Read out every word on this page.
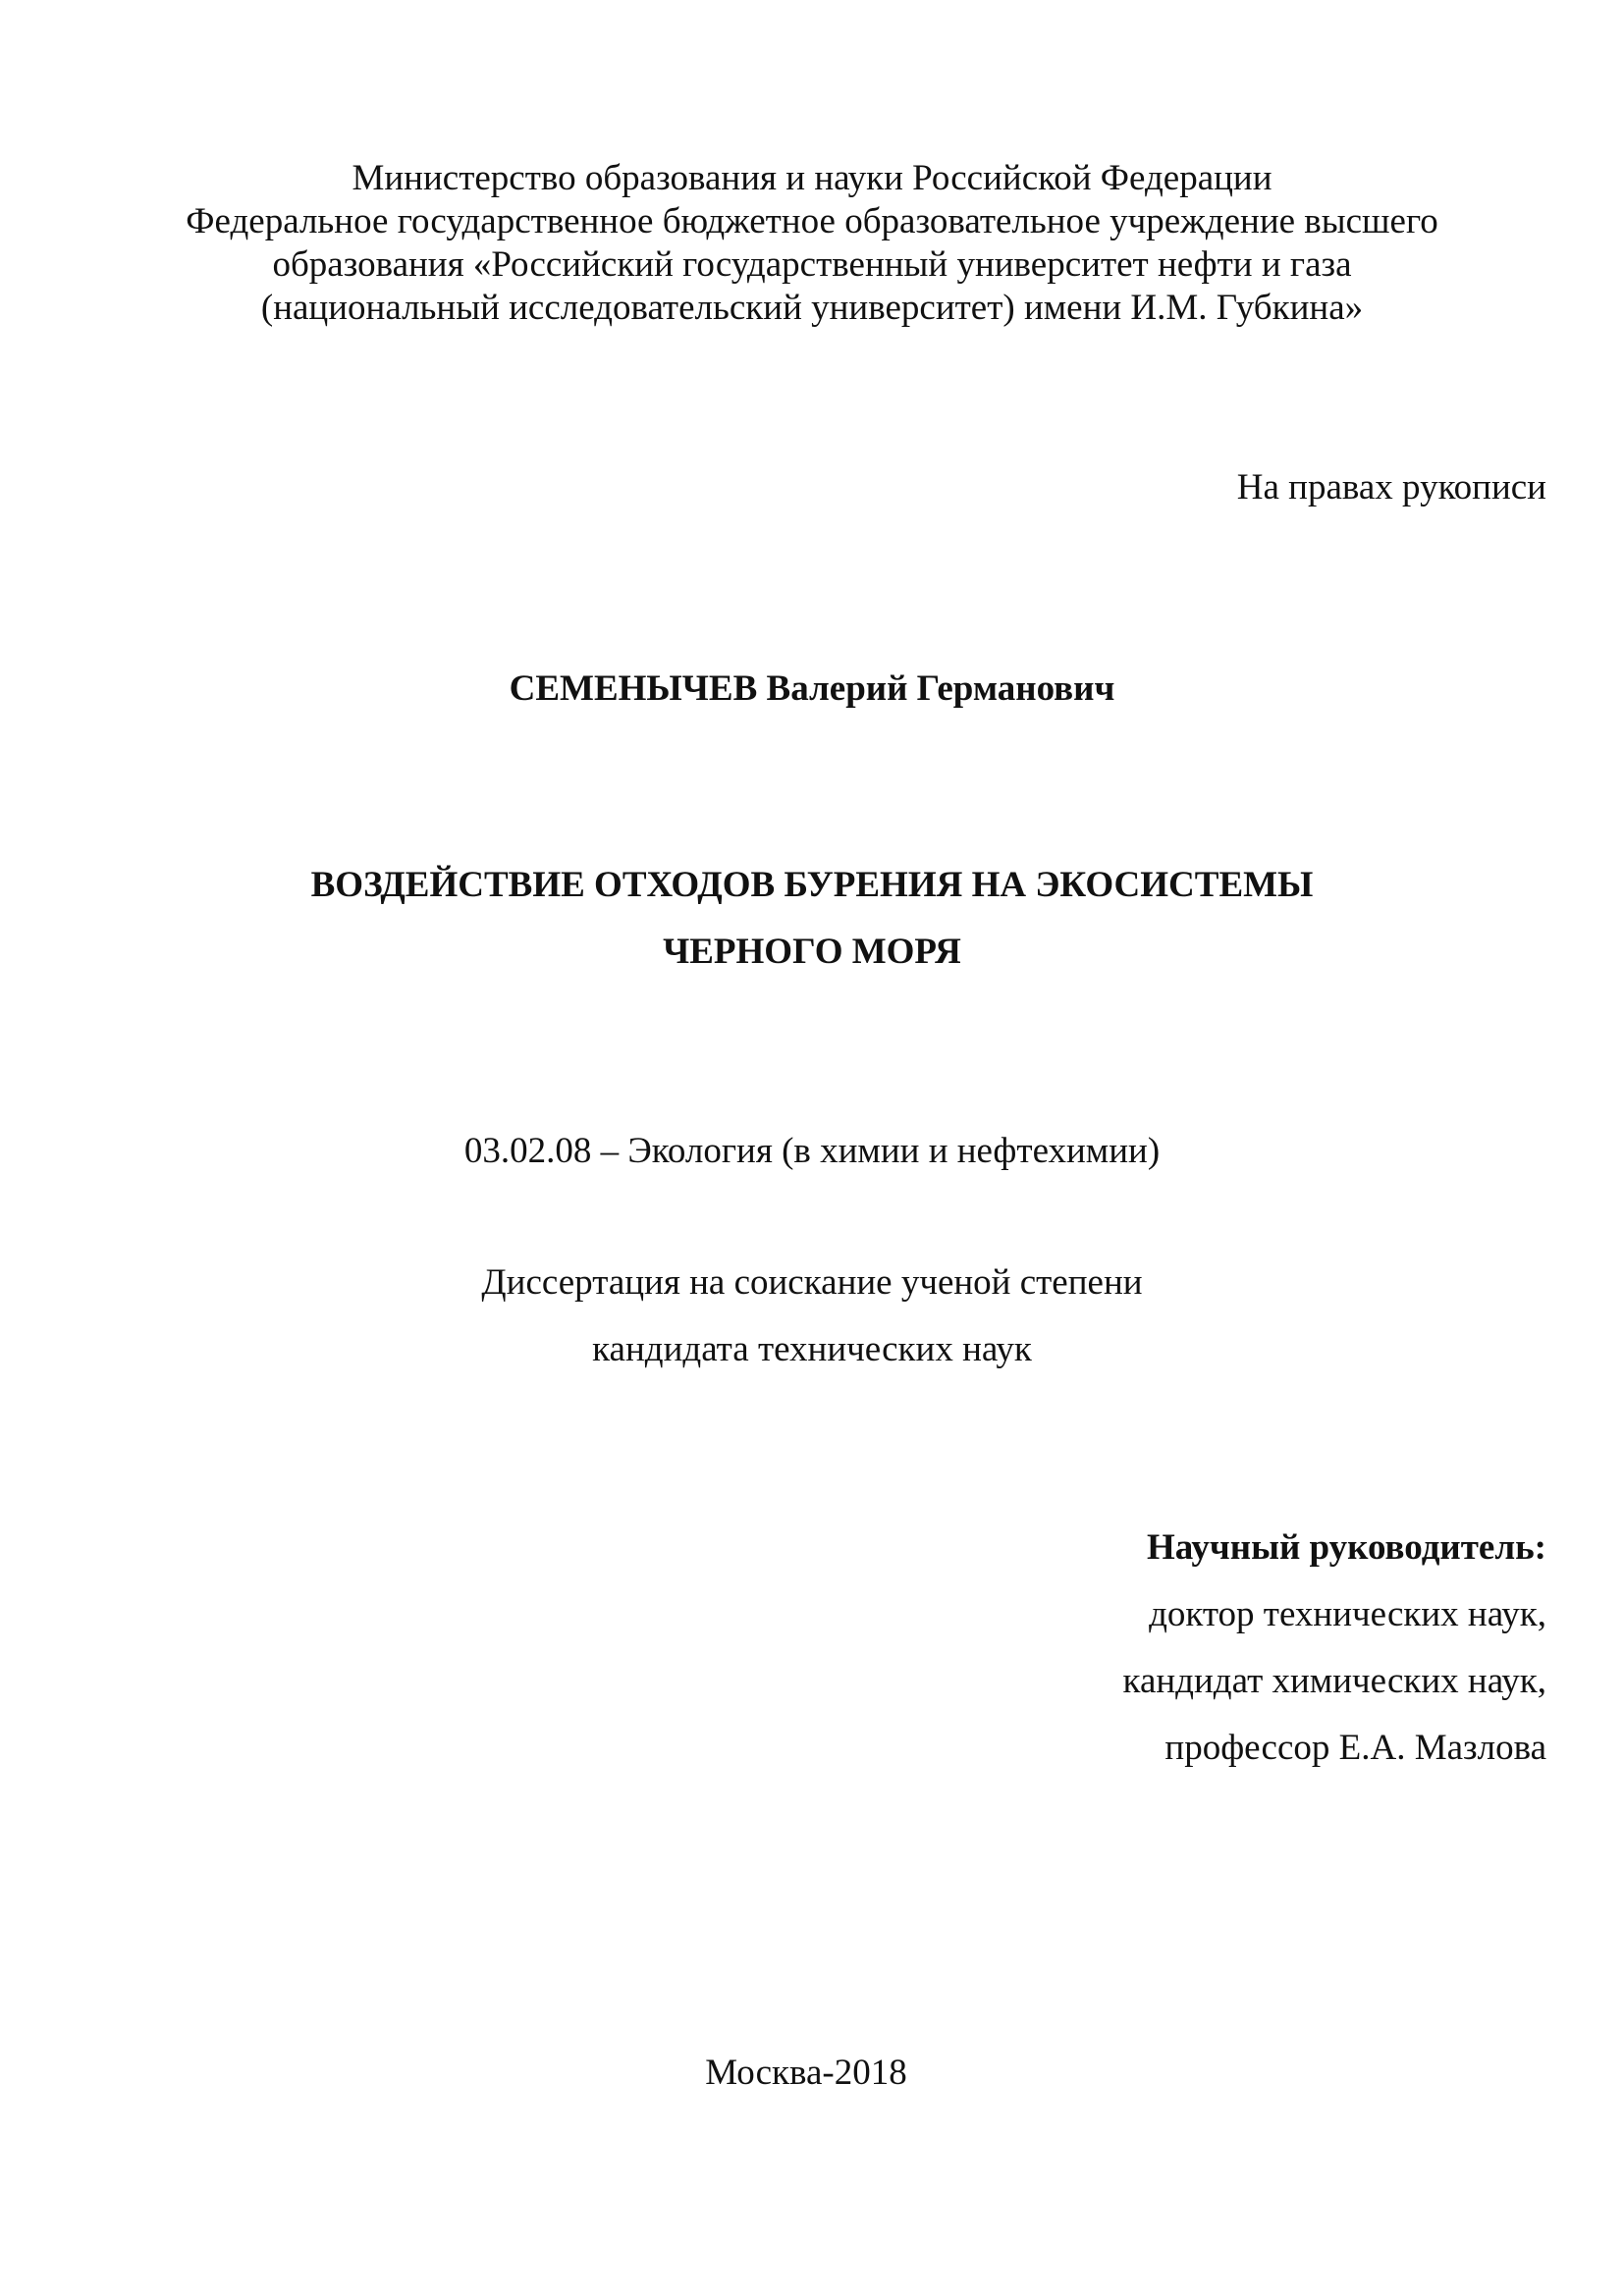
Министерство образования и науки Российской Федерации
Федеральное государственное бюджетное образовательное учреждение высшего
образования «Российский государственный университет нефти и газа
(национальный исследовательский университет) имени И.М. Губкина»
На правах рукописи
СЕМЕНЫЧЕВ Валерий Германович
ВОЗДЕЙСТВИЕ ОТХОДОВ БУРЕНИЯ НА ЭКОСИСТЕМЫ
ЧЕРНОГО МОРЯ
03.02.08 – Экология (в химии и нефтехимии)
Диссертация на соискание ученой степени
кандидата технических наук
Научный руководитель:
доктор технических наук,
кандидат химических наук,
профессор Е.А. Мазлова
Москва-2018
